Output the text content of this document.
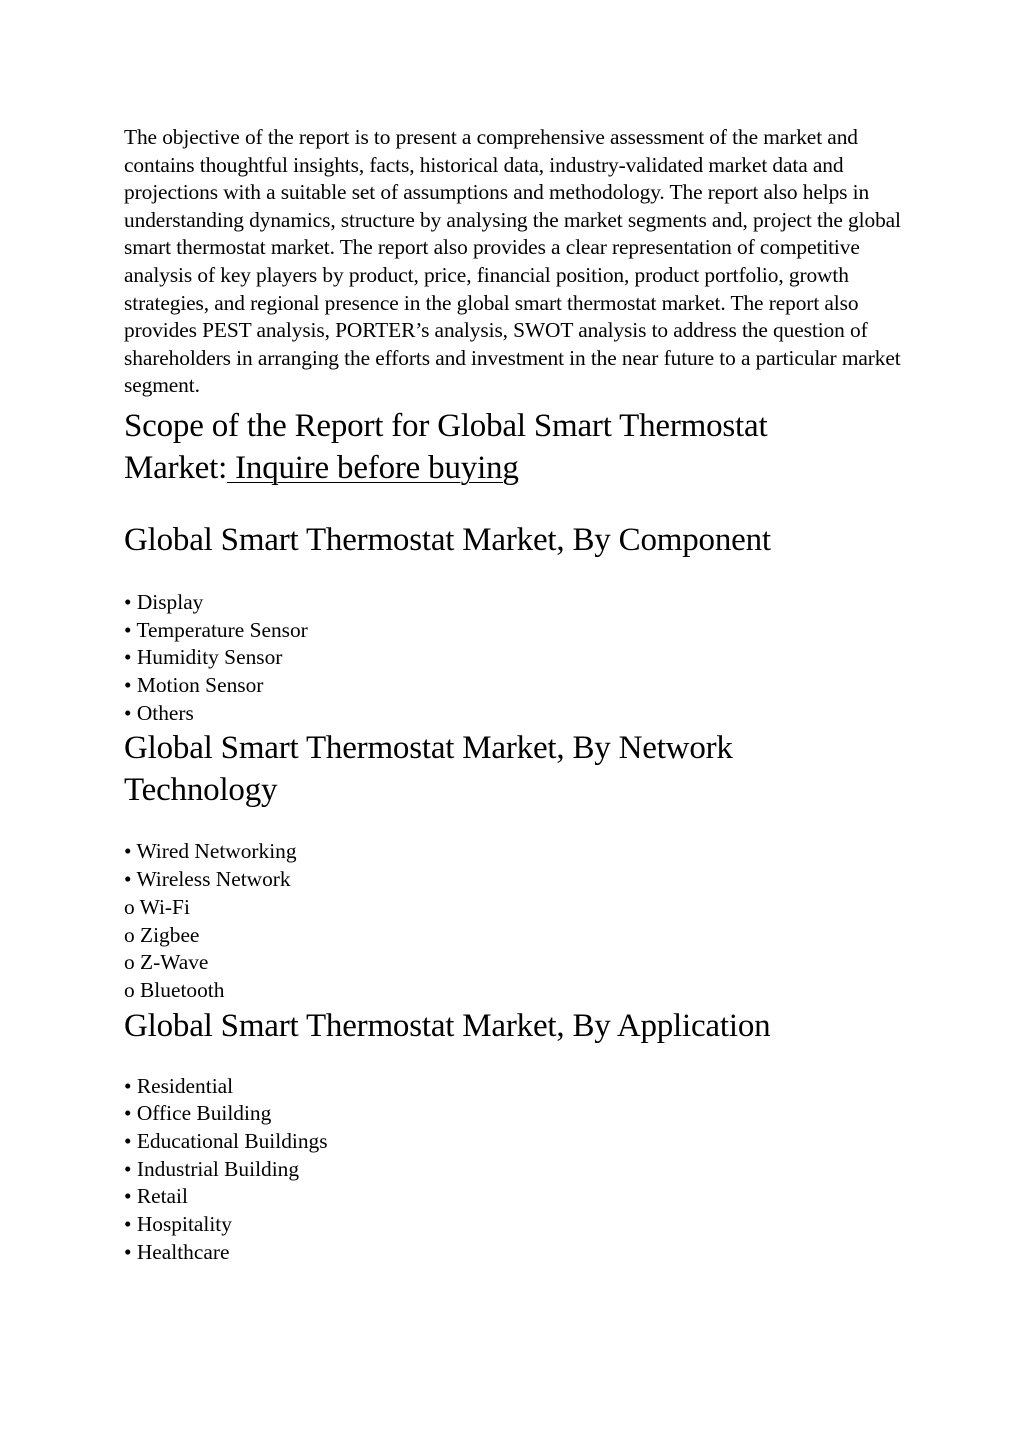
The objective of the report is to present a comprehensive assessment of the market and contains thoughtful insights, facts, historical data, industry-validated market data and projections with a suitable set of assumptions and methodology. The report also helps in understanding dynamics, structure by analysing the market segments and, project the global smart thermostat market. The report also provides a clear representation of competitive analysis of key players by product, price, financial position, product portfolio, growth strategies, and regional presence in the global smart thermostat market. The report also provides PEST analysis, PORTER’s analysis, SWOT analysis to address the question of shareholders in arranging the efforts and investment in the near future to a particular market segment.

Scope of the Report for Global Smart Thermostat
Market: Inquire before buying
Global Smart Thermostat Market, By Component
• Display
• Temperature Sensor
• Humidity Sensor
• Motion Sensor
• Others
Global Smart Thermostat Market, By Network
Technology
• Wired Networking
• Wireless Network
o Wi-Fi
o Zigbee
o Z-Wave
o Bluetooth
Global Smart Thermostat Market, By Application
• Residential
• Office Building
• Educational Buildings
• Industrial Building
• Retail
• Hospitality
• Healthcare
